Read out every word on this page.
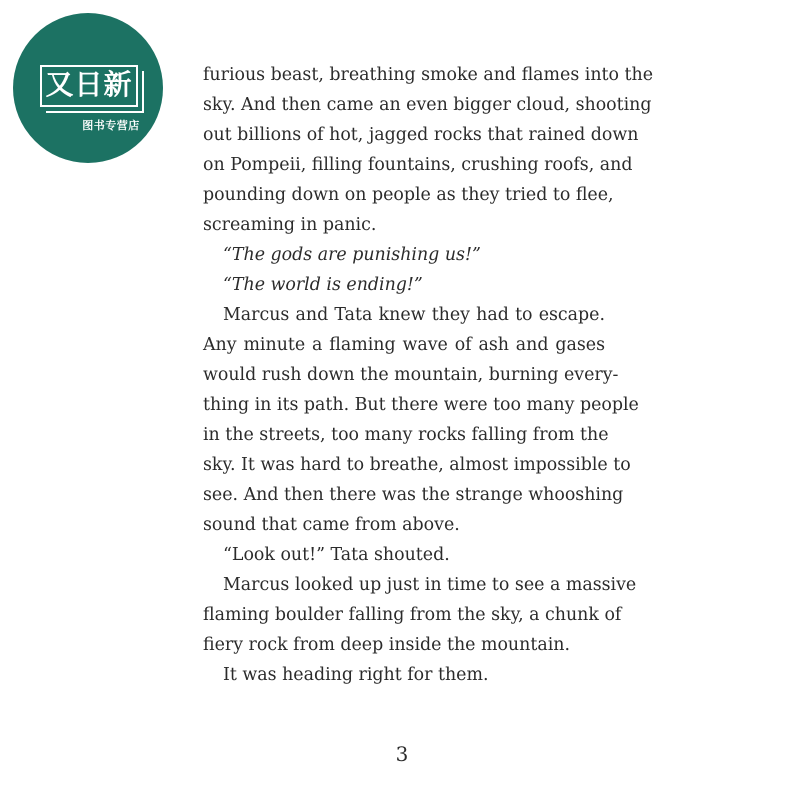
又日新
图书专营店
furious beast, breathing smoke and flames into the
sky. And then came an even bigger cloud, shooting
out billions of hot, jagged rocks that rained down
on Pompeii, filling fountains, crushing roofs, and
pounding down on people as they tried to flee,
screaming in panic.
“The gods are punishing us!”
“The world is ending!”
Marcus and Tata knew they had to escape.
Any minute a flaming wave of ash and gases
would rush down the mountain, burning every-
thing in its path. But there were too many people
in the streets, too many rocks falling from the
sky. It was hard to breathe, almost impossible to
see. And then there was the strange whooshing
sound that came from above.
“Look out!” Tata shouted.
Marcus looked up just in time to see a massive
flaming boulder falling from the sky, a chunk of
fiery rock from deep inside the mountain.
It was heading right for them.
3
